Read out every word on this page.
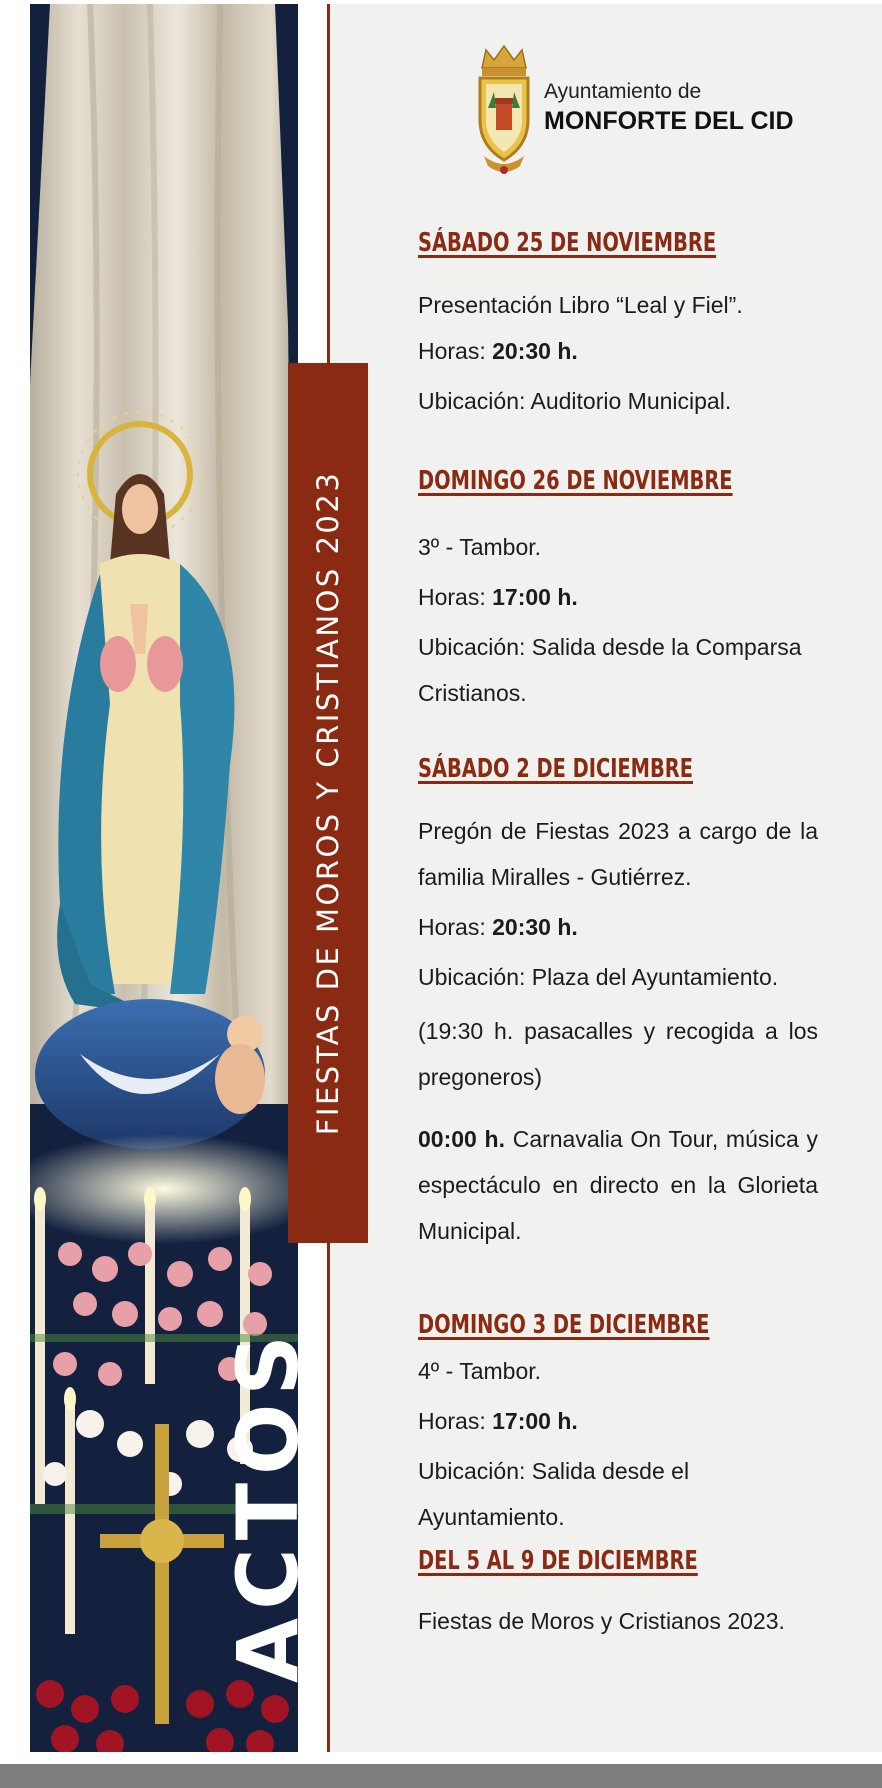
FIESTAS DE MOROS Y CRISTIANOS 2023
ACTOS
Ayuntamiento de
MONFORTE DEL CID
SÁBADO 25 DE NOVIEMBRE
Presentación Libro “Leal y Fiel”.
Horas: 20:30 h.
Ubicación: Auditorio Municipal.
DOMINGO 26 DE NOVIEMBRE
3º - Tambor.
Horas: 17:00 h.
Ubicación: Salida desde la Comparsa Cristianos.
SÁBADO 2 DE DICIEMBRE
Pregón de Fiestas 2023 a cargo de la familia Miralles - Gutiérrez.
Horas: 20:30 h.
Ubicación: Plaza del Ayuntamiento.
(19:30 h. pasacalles y recogida a los pregoneros)
00:00 h. Carnavalia On Tour, música y espectáculo en directo en la Glorieta Municipal.
DOMINGO 3 DE DICIEMBRE
4º - Tambor.
Horas: 17:00 h.
Ubicación: Salida desde el Ayuntamiento.
DEL 5 AL 9 DE DICIEMBRE
Fiestas de Moros y Cristianos 2023.
